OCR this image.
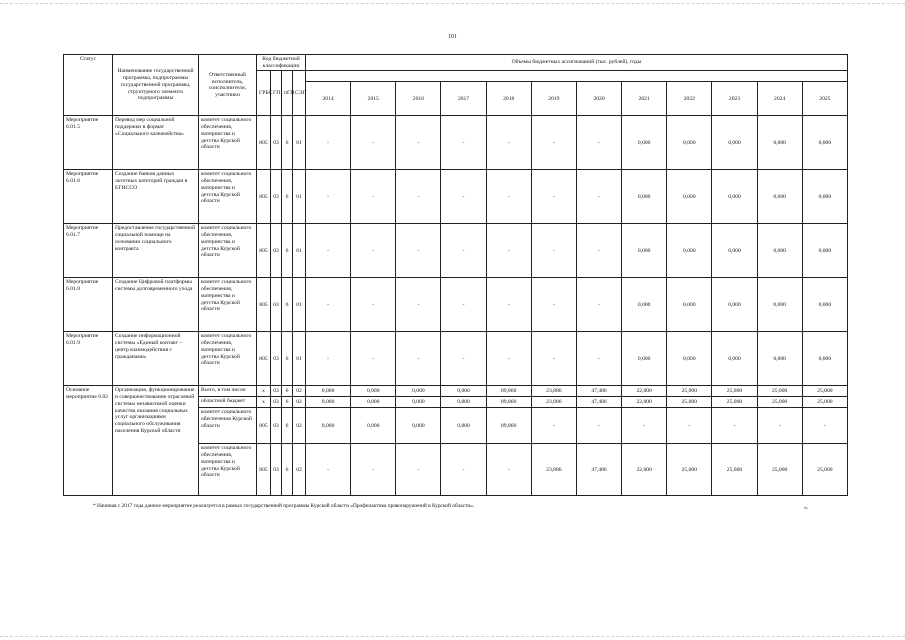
101
Статус	Наименование государственной программы, подпрограммы государственной программы, структурного элемента подпрограммы	Ответственный исполнитель, соисполнители, участники	Код бюджетной классификации				Объемы бюджетных ассигнований (тыс. рублей), годы											
			ГРБС	ГП	пГП	СЭП												
							2014	2015	2016	2017	2018	2019	2020	2021	2022	2023	2024	2025
Мероприятие 6.01.5	Перевод мер социальной поддержки в формат «Социального казначейства»	комитет социального обеспечения, материнства и детства Курской области	805	03	6	01	-	-	-	-	-	-	-	0,000	0,000	0,000	0,000	0,000
Мероприятие 6.01.6	Создание банков данных льготных категорий граждан в ЕГИССО	комитет социального обеспечения, материнства и детства Курской области	805	03	6	01	-	-	-	-	-	-	-	0,000	0,000	0,000	0,000	0,000
Мероприятие 6.01.7	Предоставление государственной социальной помощи на основании социального контракта	комитет социального обеспечения, материнства и детства Курской области	805	03	6	01	-	-	-	-	-	-	-	0,000	0,000	0,000	0,000	0,000
Мероприятие 6.01.8	Создание Цифровой платформы системы долговременного ухода	комитет социального обеспечения, материнства и детства Курской области	805	03	6	01	-	-	-	-	-	-	-	0,000	0,000	0,000	0,000	0,000
Мероприятие 6.01.9	Создание информационной системы «Единый контакт – центр взаимодействия с гражданами»	комитет социального обеспечения, материнства и детства Курской области	805	03	6	01	-	-	-	-	-	-	-	0,000	0,000	0,000	0,000	0,000
Основное мероприятие 6.02	Организация, функционирование и совершенствование отраслевой системы независимой оценки качества оказания социальных услуг организациями социального обслуживания населения Курской области	Всего, в том числе:	х	03	6	02	0,000	0,000	0,000	0,000	89,860	23,886	47,486	22,000	25,000	25,000	25,000	25,000
		областной бюджет	х	03	6	02	0,000	0,000	0,000	0,000	89,860	23,886	47,486	22,000	25,000	25,000	25,000	25,000
		комитет социального обеспечения Курской области	805	03	6	02	0,000	0,000	0,000	0,000	89,860	-	-	-	-	-	-	-
		комитет социального обеспечения, материнства и детства Курской области	805	03	6	02	-	-	-	-	-	23,886	47,486	22,000	25,000	25,000	25,000	25,000
* Начиная с 2017 года данное мероприятие реализуется в рамках государственной программы Курской области «Профилактика правонарушений в Курской области».	».
